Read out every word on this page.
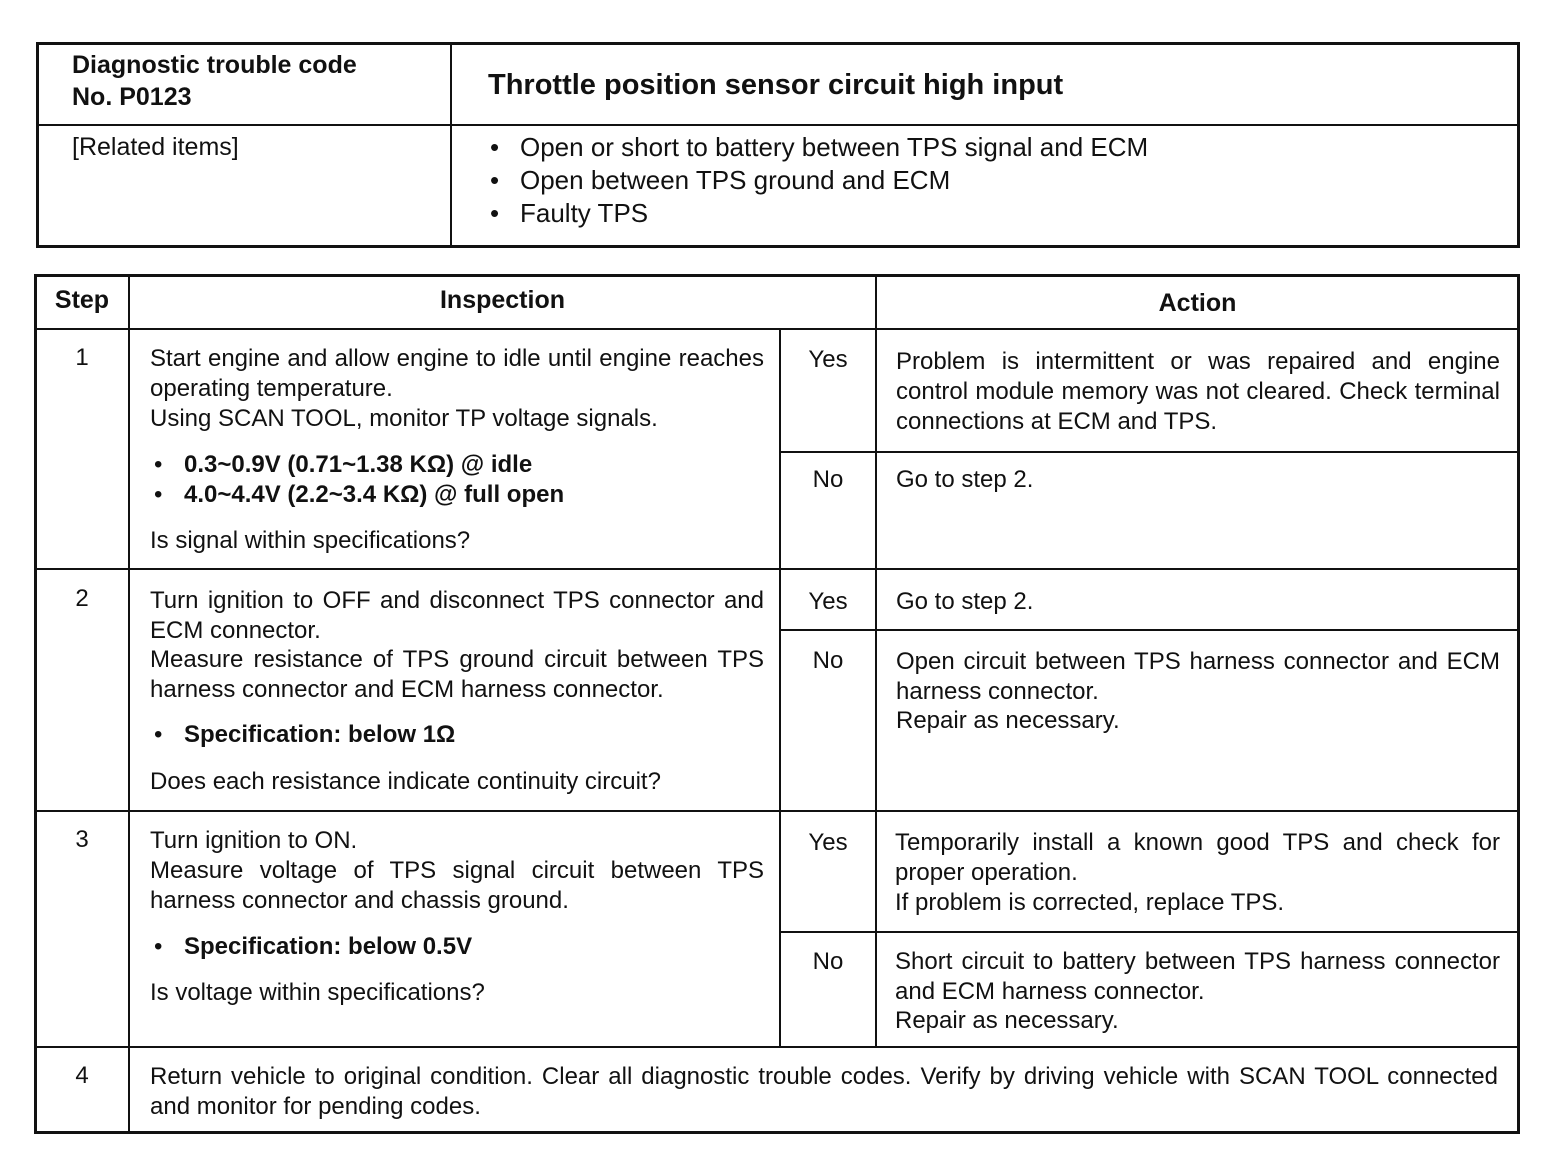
Diagnostic trouble code
No. P0123	Throttle position sensor circuit high input
[Related items]
•	Open or short to battery between TPS signal and ECM
• Open between TPS ground and ECM
• Faulty TPS
Step	Inspection	Action
1	Start engine and allow engine to idle until engine reaches operating temperature.
Using SCAN TOOL, monitor TP voltage signals.
• 0.3~0.9V (0.71~1.38 KΩ) @ idle
• 4.0~4.4V (2.2~3.4 KΩ) @ full open
Is signal within specifications?
Yes	Problem is intermittent or was repaired and engine control module memory was not cleared. Check terminal connections at ECM and TPS.
No	Go to step 2.
2	Turn ignition to OFF and disconnect TPS connector and ECM connector.
Measure resistance of TPS ground circuit between TPS harness connector and ECM harness connector.
• Specification: below 1Ω
Does each resistance indicate continuity circuit?
Yes	Go to step 2.
No	Open circuit between TPS harness connector and ECM harness connector.
Repair as necessary.
3	Turn ignition to ON.
Measure voltage of TPS signal circuit between TPS harness connector and chassis ground.
• Specification: below 0.5V
Is voltage within specifications?
Yes	Temporarily install a known good TPS and check for proper operation.
If problem is corrected, replace TPS.
No	Short circuit to battery between TPS harness connector and ECM harness connector.
Repair as necessary.
4	Return vehicle to original condition. Clear all diagnostic trouble codes. Verify by driving vehicle with SCAN TOOL connected and monitor for pending codes.
